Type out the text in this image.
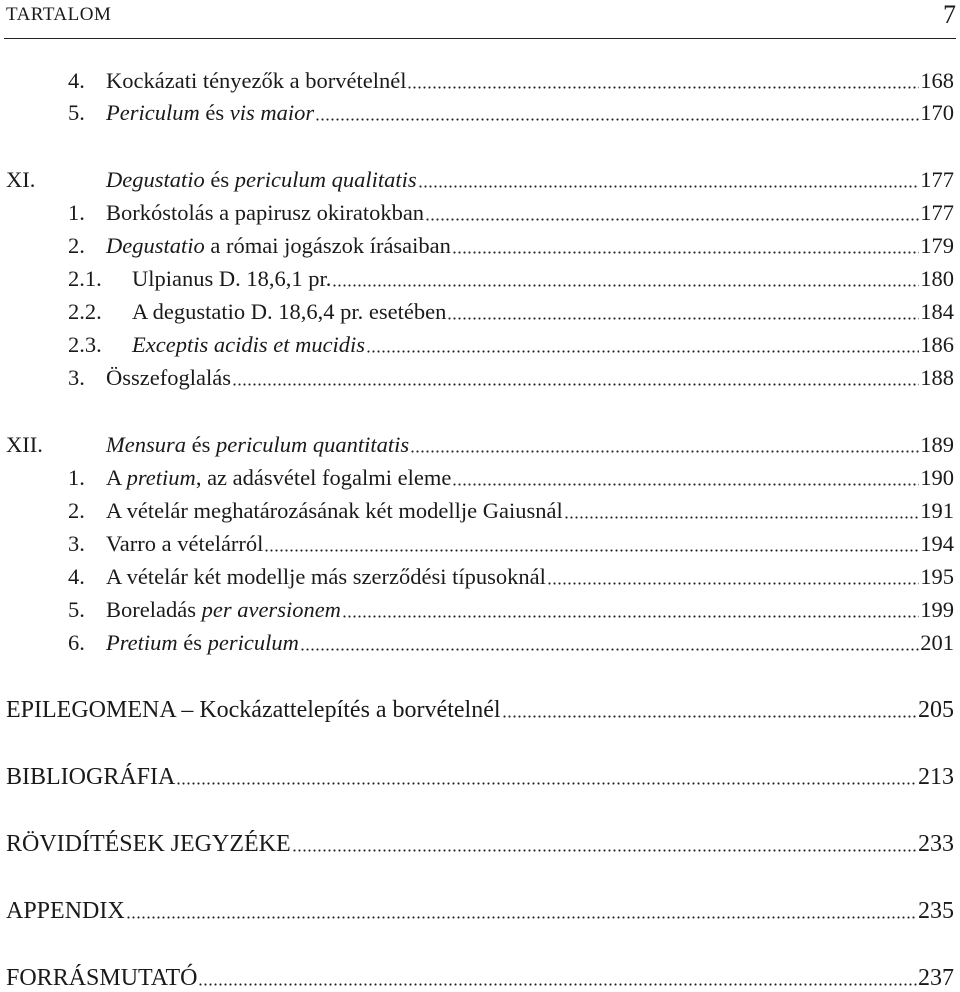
TARTALOM	7
4. Kockázati tényezők a borvételnél	168
5. Periculum és vis maior	170
XI.	Degustatio és periculum qualitatis	177
1. Borkóstolás a papirusz okiratokban	177
2. Degustatio a római jogászok írásaiban	179
2.1.	Ulpianus D. 18,6,1 pr.	180
2.2.	A degustatio D. 18,6,4 pr. esetében	184
2.3.	Exceptis acidis et mucidis	186
3. Összefoglalás	188
XII.	Mensura és periculum quantitatis	189
1. A pretium, az adásvétel fogalmi eleme	190
2. A vételár meghatározásának két modellje Gaiusnál	191
3. Varro a vételárról	194
4. A vételár két modellje más szerződési típusoknál	195
5. Boreladás per aversionem	199
6. Pretium és periculum	201
EPILEGOMENA – Kockázattelepítés a borvételnél	205
BIBLIOGRÁFIA	213
RÖVIDÍTÉSEK JEGYZÉKE	233
APPENDIX	235
FORRÁSMUTATÓ	237
